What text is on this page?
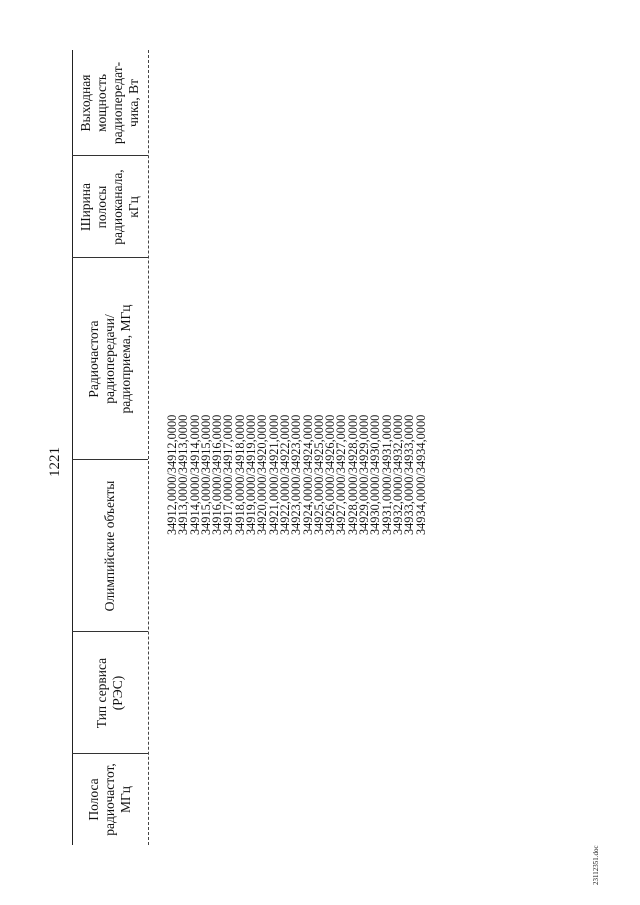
1221
Полоса
радиочастот,
МГц
Тип сервиса
(РЭС)
Олимпийские объекты
Радиочастота
радиопередачи/
радиоприема, МГц
Ширина
полосы
радиоканала,
кГц
Выходная
мощность
радиопередат-
чика, Вт
34912,0000/34912,0000
34913,0000/34913,0000
34914,0000/34914,0000
34915,0000/34915,0000
34916,0000/34916,0000
34917,0000/34917,0000
34918,0000/34918,0000
34919,0000/34919,0000
34920,0000/34920,0000
34921,0000/34921,0000
34922,0000/34922,0000
34923,0000/34923,0000
34924,0000/34924,0000
34925,0000/34925,0000
34926,0000/34926,0000
34927,0000/34927,0000
34928,0000/34928,0000
34929,0000/34929,0000
34930,0000/34930,0000
34931,0000/34931,0000
34932,0000/34932,0000
34933,0000/34933,0000
34934,0000/34934,0000
23112351.doc
